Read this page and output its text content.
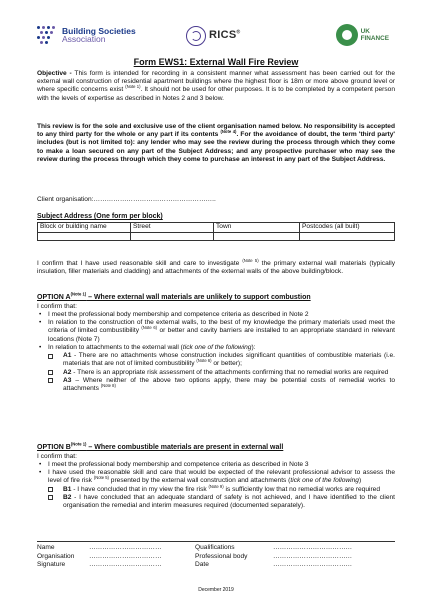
Building Societies
Association	RICS®	UK
FINANCE
Form EWS1: External Wall Fire Review
Objective - This form is intended for recording in a consistent manner what assessment has been carried out for the external wall construction of residential apartment buildings where the highest floor is 18m or more above ground level or where specific concerns exist $^{(Note 1)}$. It should not be used for other purposes. It is to be completed by a competent person with the levels of expertise as described in Notes 2 and 3 below.
This review is for the sole and exclusive use of the client organisation named below. No responsibility is accepted to any third party for the whole or any part if its contents $^{(Note 4)}$. For the avoidance of doubt, the term 'third party' includes (but is not limited to): any lender who may see the review during the process through which they come to make a loan secured on any part of the Subject Address; and any prospective purchaser who may see the review during the process through which they come to purchase an interest in any part of the Subject Address.
Client organisation:………………………………………………..
Subject Address (One form per block)
Block or building name	Street	Town	Postcodes (all built)

I confirm that I have used reasonable skill and care to investigate $^{(Note 5)}$ the primary external wall materials (typically insulation, filler materials and cladding) and attachments of the external walls of the above building/block.
OPTION $A^{(Note 1)}$ – Where external wall materials are unlikely to support combustion
I confirm that:
• I meet the professional body membership and competence criteria as described in Note 2
• In relation to the construction of the external walls, to the best of my knowledge the primary materials used meet the criteria of limited combustibility $^{(Note 6)}$ or better and cavity barriers are installed to an appropriate standard in relevant locations (Note 7)
• In relation to attachments to the external wall (tick one of the following):
A1 - There are no attachments whose construction includes significant quantities of combustible materials (i.e. materials that are not of limited combustibility $^{(Note 6)}$ or better);
A2 - There is an appropriate risk assessment of the attachments confirming that no remedial works are required
A3 – Where neither of the above two options apply, there may be potential costs of remedial works to attachments $^{(Note 8)}$
OPTION $B^{(Note 1)}$ – Where combustible materials are present in external wall
I confirm that:
• I meet the professional body membership and competence criteria as described in Note 3
• I have used the reasonable skill and care that would be expected of the relevant professional advisor to assess the level of fire risk $^{(Note 5)}$ presented by the external wall construction and attachments (tick one of the following)
B1 - I have concluded that in my view the fire risk $^{(Note 9)}$ is sufficiently low that no remedial works are required
B2 - I have concluded that an adequate standard of safety is not achieved, and I have identified to the client organisation the remedial and interim measures required (documented separately).
Name	……………………………	Qualifications	………………………………
Organisation	……………………………	Professional body	………………………………
Signature	……………………………	Date	………………………………
December 2019
